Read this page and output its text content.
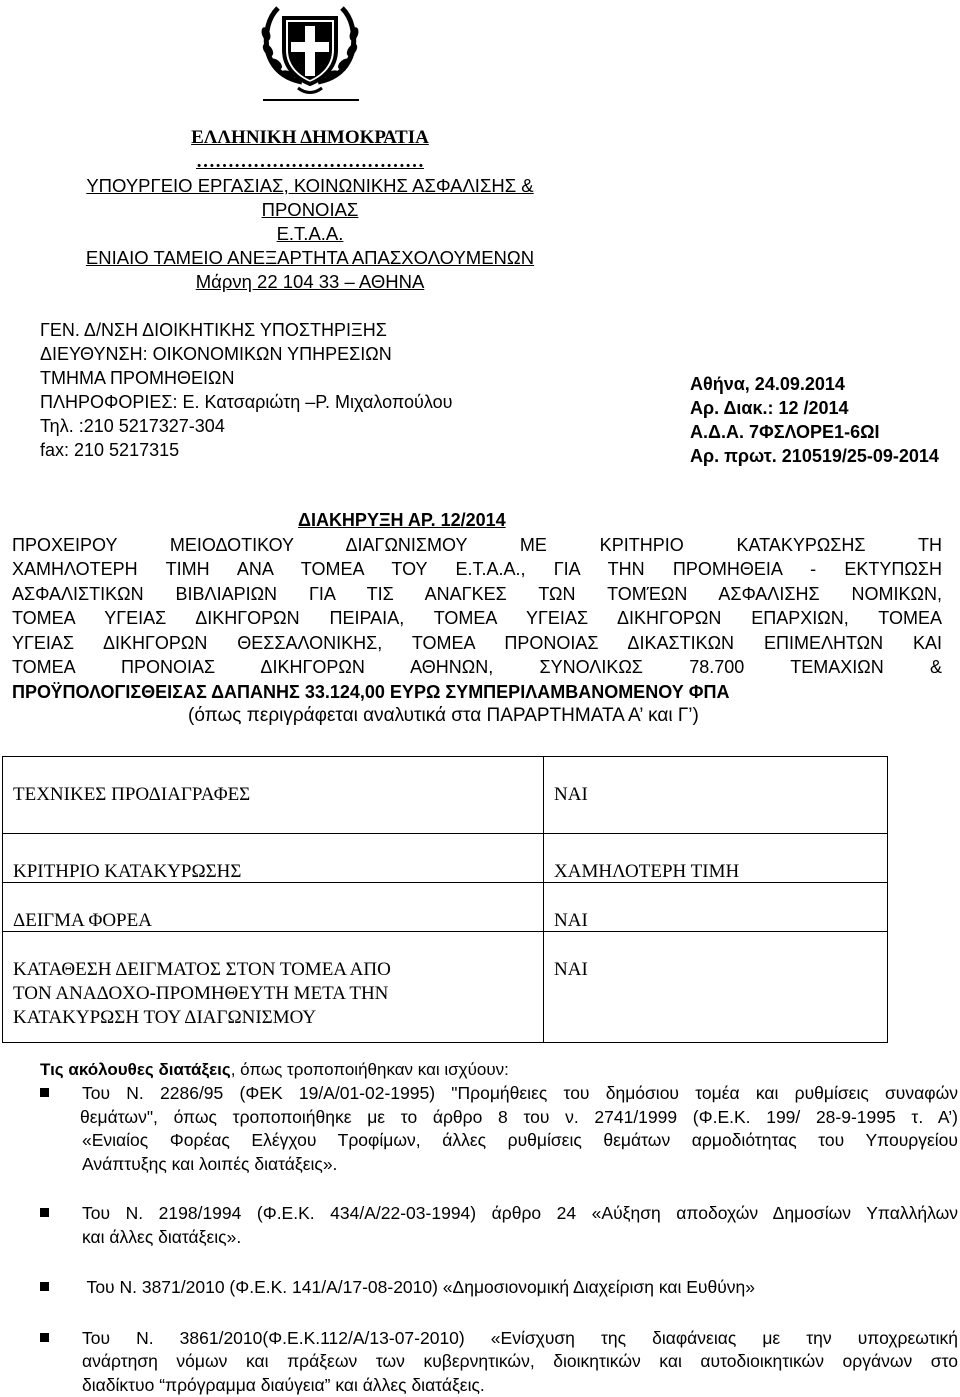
ΕΛΛΗΝΙΚΗ ΔΗΜΟΚΡΑΤΙΑ
………………………………
ΥΠΟΥΡΓΕΙΟ ΕΡΓΑΣΙΑΣ, ΚΟΙΝΩΝΙΚΗΣ ΑΣΦΑΛΙΣΗΣ &
ΠΡΟΝΟΙΑΣ
Ε.Τ.Α.Α.
ΕΝΙΑΙΟ ΤΑΜΕΙΟ ΑΝΕΞΑΡΤΗΤΑ ΑΠΑΣΧΟΛΟΥΜΕΝΩΝ
Μάρνη 22 104 33 – ΑΘΗΝΑ
ΓΕΝ. Δ/ΝΣΗ ΔΙΟΙΚΗΤΙΚΗΣ ΥΠΟΣΤΗΡΙΞΗΣ
ΔΙΕΥΘΥΝΣΗ: ΟΙΚΟΝΟΜΙΚΩΝ ΥΠΗΡΕΣΙΩΝ
ΤΜΗΜΑ ΠΡΟΜΗΘΕΙΩΝ
ΠΛΗΡΟΦΟΡΙΕΣ: Ε. Κατσαριώτη –Ρ. Μιχαλοπούλου
Τηλ. :210 5217327-304
fax: 210 5217315
Αθήνα, 24.09.2014
Αρ. Διακ.: 12 /2014
Α.Δ.Α. 7ΦΣΛΟΡΕ1-6ΩΙ
Αρ. πρωτ. 210519/25-09-2014
ΔΙΑΚΗΡΥΞΗ ΑΡ. 12/2014
ΠΡΟΧΕΙΡΟΥ ΜΕΙΟΔΟΤΙΚΟΥ ΔΙΑΓΩΝΙΣΜΟΥ ΜΕ ΚΡΙΤΗΡΙΟ ΚΑΤΑΚΥΡΩΣΗΣ ΤΗ
ΧΑΜΗΛΟΤΕΡΗ ΤΙΜΗ ΑΝΑ ΤΟΜΕΑ ΤΟΥ Ε.Τ.Α.Α., ΓΙΑ ΤΗΝ ΠΡΟΜΗΘΕΙΑ - ΕΚΤΥΠΩΣΗ
ΑΣΦΑΛΙΣΤΙΚΩΝ ΒΙΒΛΙΑΡΙΩΝ ΓΙΑ ΤΙΣ ΑΝΑΓΚΕΣ ΤΩΝ ΤΟΜΈΩΝ ΑΣΦΑΛΙΣΗΣ ΝΟΜΙΚΩΝ,
ΤΟΜΕΑ ΥΓΕΙΑΣ ΔΙΚΗΓΟΡΩΝ ΠΕΙΡΑΙΑ, ΤΟΜΕΑ ΥΓΕΙΑΣ ΔΙΚΗΓΟΡΩΝ ΕΠΑΡΧΙΩΝ, ΤΟΜΕΑ
ΥΓΕΙΑΣ ΔΙΚΗΓΟΡΩΝ ΘΕΣΣΑΛΟΝΙΚΗΣ, ΤΟΜΕΑ ΠΡΟΝΟΙΑΣ ΔΙΚΑΣΤΙΚΩΝ ΕΠΙΜΕΛΗΤΩΝ ΚΑΙ
ΤΟΜΕΑ ΠΡΟΝΟΙΑΣ ΔΙΚΗΓΟΡΩΝ ΑΘΗΝΩΝ, ΣΥΝΟΛΙΚΩΣ 78.700 ΤΕΜΑΧΙΩΝ &
ΠΡΟΫΠΟΛΟΓΙΣΘΕΙΣΑΣ ΔΑΠΑΝΗΣ 33.124,00 ΕΥΡΩ ΣΥΜΠΕΡΙΛΑΜΒΑΝΟΜΕΝΟΥ ΦΠΑ
(όπως περιγράφεται αναλυτικά στα ΠΑΡΑΡΤΗΜΑΤΑ Α’ και Γ’)
ΤΕΧΝΙΚΕΣ ΠΡΟΔΙΑΓΡΑΦΕΣ	ΝΑΙ

ΚΡΙΤΗΡΙΟ ΚΑΤΑΚΥΡΩΣΗΣ	ΧΑΜΗΛΟΤΕΡΗ ΤΙΜΗ

ΔΕΙΓΜΑ ΦΟΡΕΑ	ΝΑΙ

ΚΑΤΑΘΕΣΗ ΔΕΙΓΜΑΤΟΣ ΣΤΟΝ ΤΟΜΕΑ ΑΠΟ
ΤΟΝ ΑΝΑΔΟΧΟ-ΠΡΟΜΗΘΕΥΤΗ ΜΕΤΑ ΤΗΝ
ΚΑΤΑΚΥΡΩΣΗ ΤΟΥ ΔΙΑΓΩΝΙΣΜΟΥ	ΝΑΙ
Τις ακόλουθες διατάξεις, όπως τροποποιήθηκαν και ισχύουν:
Του Ν. 2286/95 (ΦΕΚ 19/Α/01-02-1995) "Προμήθειες του δημόσιου τομέα και ρυθμίσεις συναφών
θεμάτων", όπως τροποποιήθηκε με το άρθρο 8 του ν. 2741/1999 (Φ.Ε.Κ. 199/ 28-9-1995 τ. Α’)
«Ενιαίος Φορέας Ελέγχου Τροφίμων, άλλες ρυθμίσεις θεμάτων αρμοδιότητας του Υπουργείου
Ανάπτυξης και λοιπές διατάξεις».
Του Ν. 2198/1994 (Φ.Ε.Κ. 434/Α/22-03-1994) άρθρο 24 «Αύξηση αποδοχών Δημοσίων Υπαλλήλων
και άλλες διατάξεις».
Του Ν. 3871/2010 (Φ.Ε.Κ. 141/Α/17-08-2010) «Δημοσιονομική Διαχείριση και Ευθύνη»
Του Ν. 3861/2010(Φ.Ε.Κ.112/Α/13-07-2010) «Ενίσχυση της διαφάνειας με την υποχρεωτική
ανάρτηση νόμων και πράξεων των κυβερνητικών, διοικητικών και αυτοδιοικητικών οργάνων στο
διαδίκτυο “πρόγραμμα διαύγεια” και άλλες διατάξεις.
